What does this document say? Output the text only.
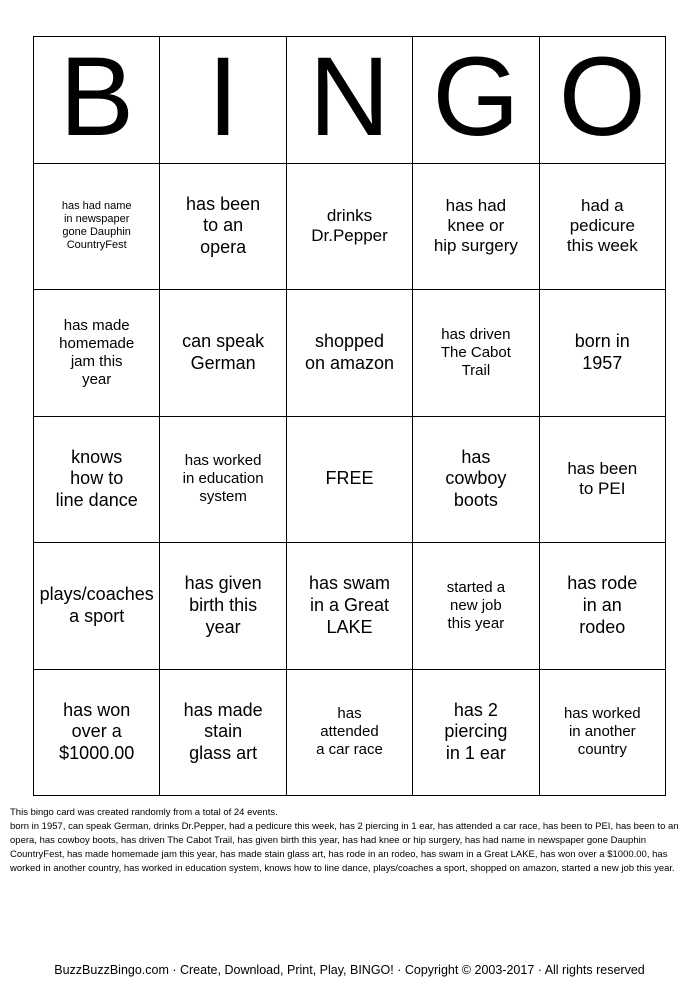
B I N G O
has had name
in newspaper
gone Dauphin
CountryFest
has been
to an
opera
drinks
Dr.Pepper
has had
knee or
hip surgery
had a
pedicure
this week
has made
homemade
jam this
year
can speak
German
shopped
on amazon
has driven
The Cabot
Trail
born in
1957
knows
how to
line dance
has worked
in education
system
FREE
has
cowboy
boots
has been
to PEI
plays/coaches
a sport
has given
birth this
year
has swam
in a Great
LAKE
started a
new job
this year
has rode
in an
rodeo
has won
over a
$1000.00
has made
stain
glass art
has
attended
a car race
has 2
piercing
in 1 ear
has worked
in another
country

This bingo card was created randomly from a total of 24 events.

born in 1957, can speak German, drinks Dr.Pepper, had a pedicure this week, has 2 piercing in 1 ear, has attended a car race, has been to PEI, has been to an opera, has cowboy boots, has driven The Cabot Trail, has given birth this year, has had knee or hip surgery, has had name in newspaper gone Dauphin CountryFest, has made homemade jam this year, has made stain glass art, has rode in an rodeo, has swam in a Great LAKE, has won over a $1000.00, has worked in another country, has worked in education system, knows how to line dance, plays/coaches a sport, shopped on amazon, started a new job this year.

BuzzBuzzBingo.com · Create, Download, Print, Play, BINGO! · Copyright © 2003-2017 · All rights reserved
